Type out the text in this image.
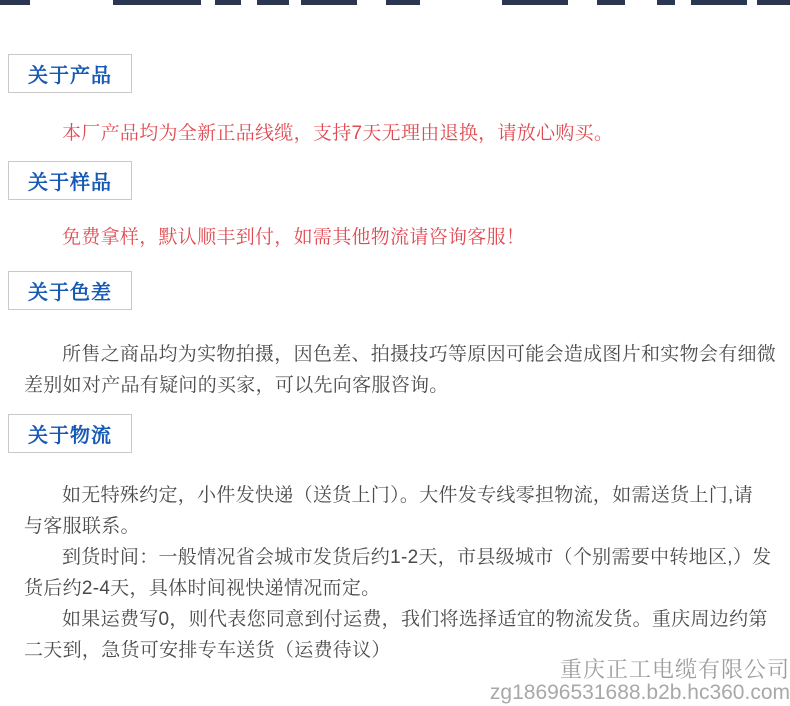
关于产品
本厂产品均为全新正品线缆，支持7天无理由退换，请放心购买。
关于样品
免费拿样，默认顺丰到付，如需其他物流请咨询客服！
关于色差
所售之商品均为实物拍摄，因色差、拍摄技巧等原因可能会造成图片和实物会有细微
差别如对产品有疑问的买家，可以先向客服咨询。
关于物流
如无特殊约定，小件发快递（送货上门）。大件发专线零担物流，如需送货上门,请
与客服联系。
到货时间：一般情况省会城市发货后约1-2天，市县级城市（个别需要中转地区,）发
货后约2-4天，具体时间视快递情况而定。
如果运费写0，则代表您同意到付运费，我们将选择适宜的物流发货。重庆周边约第
二天到，急货可安排专车送货（运费待议）
重庆正工电缆有限公司
zg18696531688.b2b.hc360.com
